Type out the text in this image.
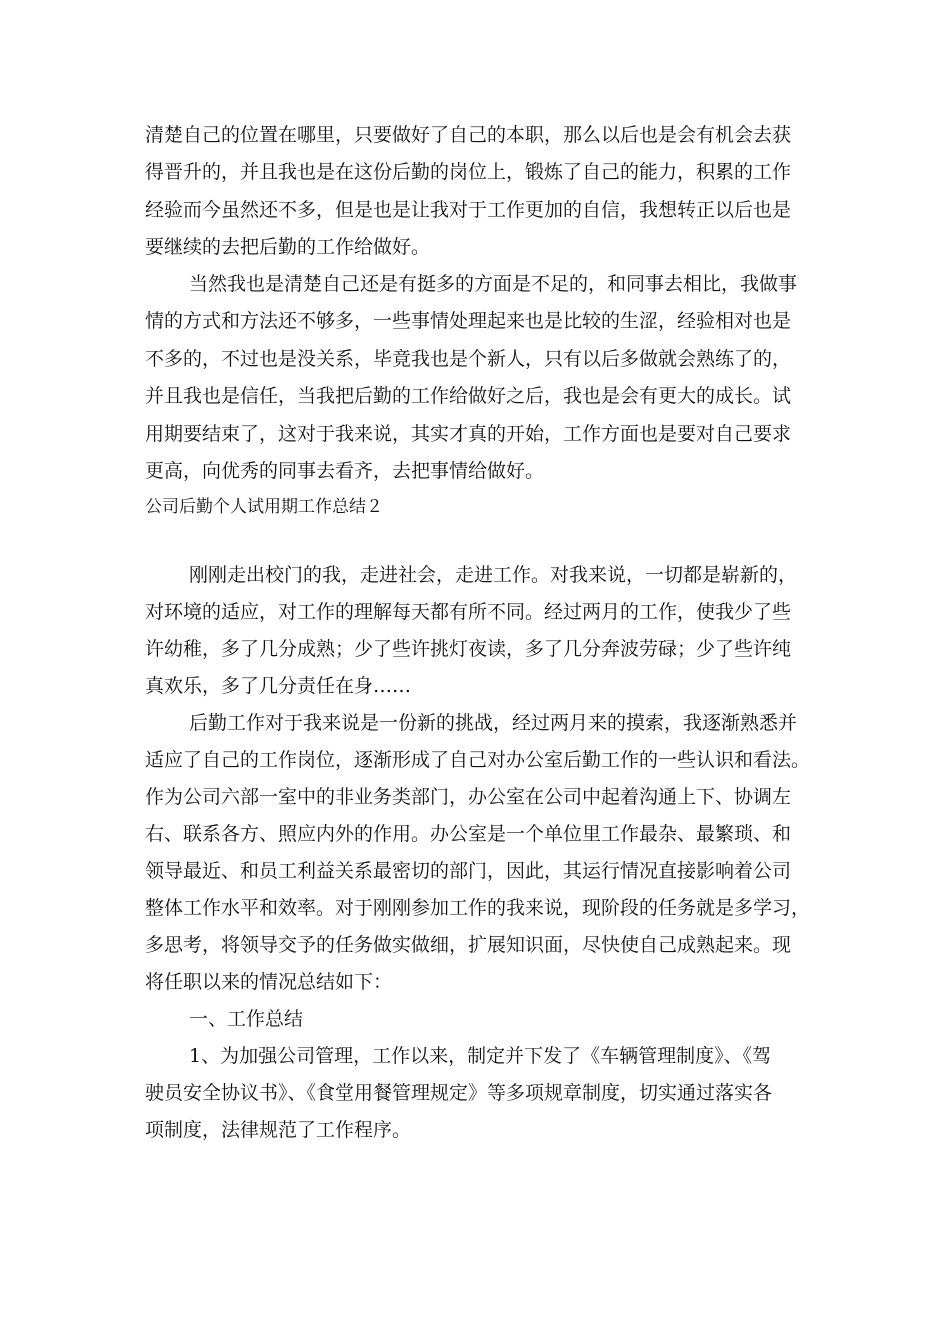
清楚自己的位置在哪里，只要做好了自己的本职，那么以后也是会有机会去获
得晋升的，并且我也是在这份后勤的岗位上，锻炼了自己的能力，积累的工作
经验而今虽然还不多，但是也是让我对于工作更加的自信，我想转正以后也是
要继续的去把后勤的工作给做好。
当然我也是清楚自己还是有挺多的方面是不足的，和同事去相比，我做事
情的方式和方法还不够多，一些事情处理起来也是比较的生涩，经验相对也是
不多的，不过也是没关系，毕竟我也是个新人，只有以后多做就会熟练了的，
并且我也是信任，当我把后勤的工作给做好之后，我也是会有更大的成长。试
用期要结束了，这对于我来说，其实才真的开始，工作方面也是要对自己要求
更高，向优秀的同事去看齐，去把事情给做好。
公司后勤个人试用期工作总结２
刚刚走出校门的我，走进社会，走进工作。对我来说，一切都是崭新的，
对环境的适应，对工作的理解每天都有所不同。经过两月的工作，使我少了些
许幼稚，多了几分成熟；少了些许挑灯夜读，多了几分奔波劳碌；少了些许纯
真欢乐，多了几分责任在身……
后勤工作对于我来说是一份新的挑战，经过两月来的摸索，我逐渐熟悉并
适应了自己的工作岗位，逐渐形成了自己对办公室后勤工作的一些认识和看法。
作为公司六部一室中的非业务类部门，办公室在公司中起着沟通上下、协调左
右、联系各方、照应内外的作用。办公室是一个单位里工作最杂、最繁琐、和
领导最近、和员工利益关系最密切的部门，因此，其运行情况直接影响着公司
整体工作水平和效率。对于刚刚参加工作的我来说，现阶段的任务就是多学习，
多思考，将领导交予的任务做实做细，扩展知识面，尽快使自己成熟起来。现
将任职以来的情况总结如下：
一、工作总结
1、为加强公司管理，工作以来，制定并下发了《车辆管理制度》、《驾
驶员安全协议书》、《食堂用餐管理规定》等多项规章制度，切实通过落实各
项制度，法律规范了工作程序。
